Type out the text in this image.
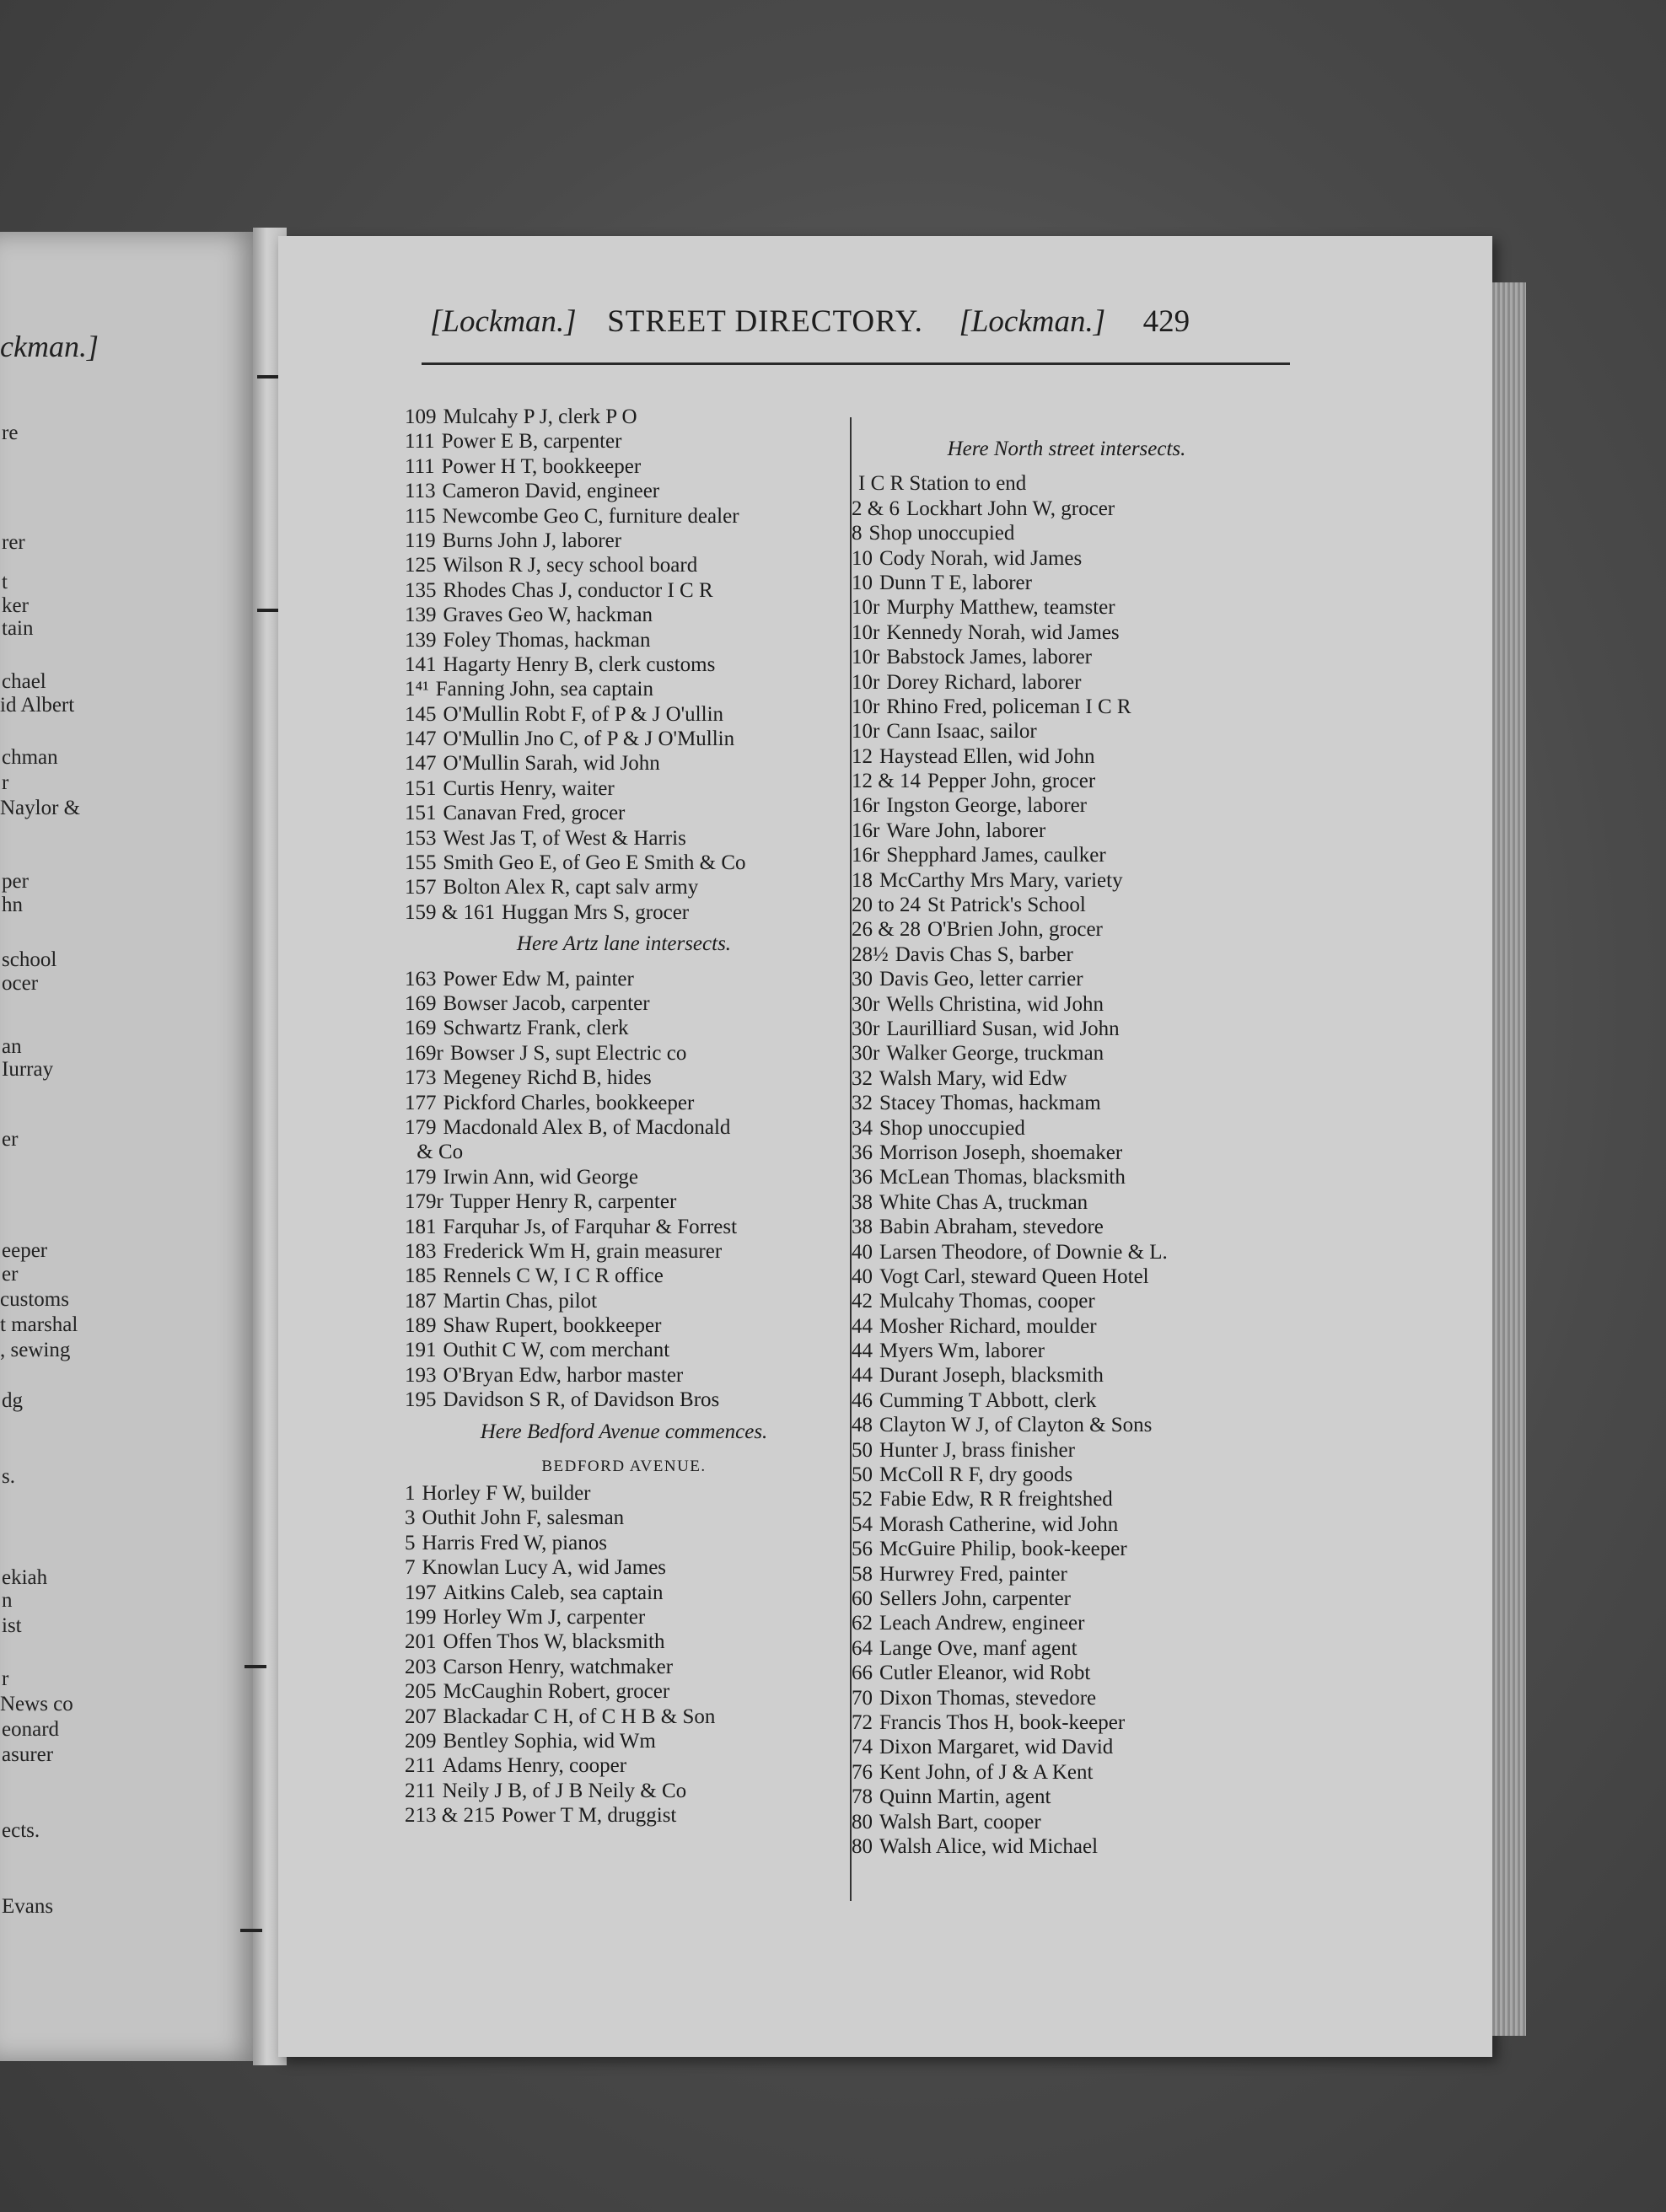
ckman.]
re
rer
t
ker
tain
chael
id Albert
chman
r
Naylor &
per
hn
school
ocer
an
Iurray
er
eeper
er
customs
t marshal
, sewing
dg
s.
ekiah
n
ist
r
News co
eonard
asurer
ects.
Evans
[Lockman.] STREET DIRECTORY. [Lockman.] 429
109 Mulcahy P J, clerk P O
111 Power E B, carpenter
111 Power H T, bookkeeper
113 Cameron David, engineer
115 Newcombe Geo C, furniture dealer
119 Burns John J, laborer
125 Wilson R J, secy school board
135 Rhodes Chas J, conductor I C R
139 Graves Geo W, hackman
139 Foley Thomas, hackman
141 Hagarty Henry B, clerk customs
1⁴¹ Fanning John, sea captain
145 O'Mullin Robt F, of P & J O'ullin
147 O'Mullin Jno C, of P & J O'Mullin
147 O'Mullin Sarah, wid John
151 Curtis Henry, waiter
151 Canavan Fred, grocer
153 West Jas T, of West & Harris
155 Smith Geo E, of Geo E Smith & Co
157 Bolton Alex R, capt salv army
159 & 161 Huggan Mrs S, grocer
Here Artz lane intersects.
163 Power Edw M, painter
169 Bowser Jacob, carpenter
169 Schwartz Frank, clerk
169r Bowser J S, supt Electric co
173 Megeney Richd B, hides
177 Pickford Charles, bookkeeper
179 Macdonald Alex B, of Macdonald
& Co
179 Irwin Ann, wid George
179r Tupper Henry R, carpenter
181 Farquhar Js, of Farquhar & Forrest
183 Frederick Wm H, grain measurer
185 Rennels C W, I C R office
187 Martin Chas, pilot
189 Shaw Rupert, bookkeeper
191 Outhit C W, com merchant
193 O'Bryan Edw, harbor master
195 Davidson S R, of Davidson Bros
Here Bedford Avenue commences.
BEDFORD AVENUE.
1 Horley F W, builder
3 Outhit John F, salesman
5 Harris Fred W, pianos
7 Knowlan Lucy A, wid James
197 Aitkins Caleb, sea captain
199 Horley Wm J, carpenter
201 Offen Thos W, blacksmith
203 Carson Henry, watchmaker
205 McCaughin Robert, grocer
207 Blackadar C H, of C H B & Son
209 Bentley Sophia, wid Wm
211 Adams Henry, cooper
211 Neily J B, of J B Neily & Co
213 & 215 Power T M, druggist
Here North street intersects.
I C R Station to end
2 & 6 Lockhart John W, grocer
8 Shop unoccupied
10 Cody Norah, wid James
10 Dunn T E, laborer
10r Murphy Matthew, teamster
10r Kennedy Norah, wid James
10r Babstock James, laborer
10r Dorey Richard, laborer
10r Rhino Fred, policeman I C R
10r Cann Isaac, sailor
12 Haystead Ellen, wid John
12 & 14 Pepper John, grocer
16r Ingston George, laborer
16r Ware John, laborer
16r Shepphard James, caulker
18 McCarthy Mrs Mary, variety
20 to 24 St Patrick's School
26 & 28 O'Brien John, grocer
28½ Davis Chas S, barber
30 Davis Geo, letter carrier
30r Wells Christina, wid John
30r Laurilliard Susan, wid John
30r Walker George, truckman
32 Walsh Mary, wid Edw
32 Stacey Thomas, hackmam
34 Shop unoccupied
36 Morrison Joseph, shoemaker
36 McLean Thomas, blacksmith
38 White Chas A, truckman
38 Babin Abraham, stevedore
40 Larsen Theodore, of Downie & L.
40 Vogt Carl, steward Queen Hotel
42 Mulcahy Thomas, cooper
44 Mosher Richard, moulder
44 Myers Wm, laborer
44 Durant Joseph, blacksmith
46 Cumming T Abbott, clerk
48 Clayton W J, of Clayton & Sons
50 Hunter J, brass finisher
50 McColl R F, dry goods
52 Fabie Edw, R R freightshed
54 Morash Catherine, wid John
56 McGuire Philip, book-keeper
58 Hurwrey Fred, painter
60 Sellers John, carpenter
62 Leach Andrew, engineer
64 Lange Ove, manf agent
66 Cutler Eleanor, wid Robt
70 Dixon Thomas, stevedore
72 Francis Thos H, book-keeper
74 Dixon Margaret, wid David
76 Kent John, of J & A Kent
78 Quinn Martin, agent
80 Walsh Bart, cooper
80 Walsh Alice, wid Michael
